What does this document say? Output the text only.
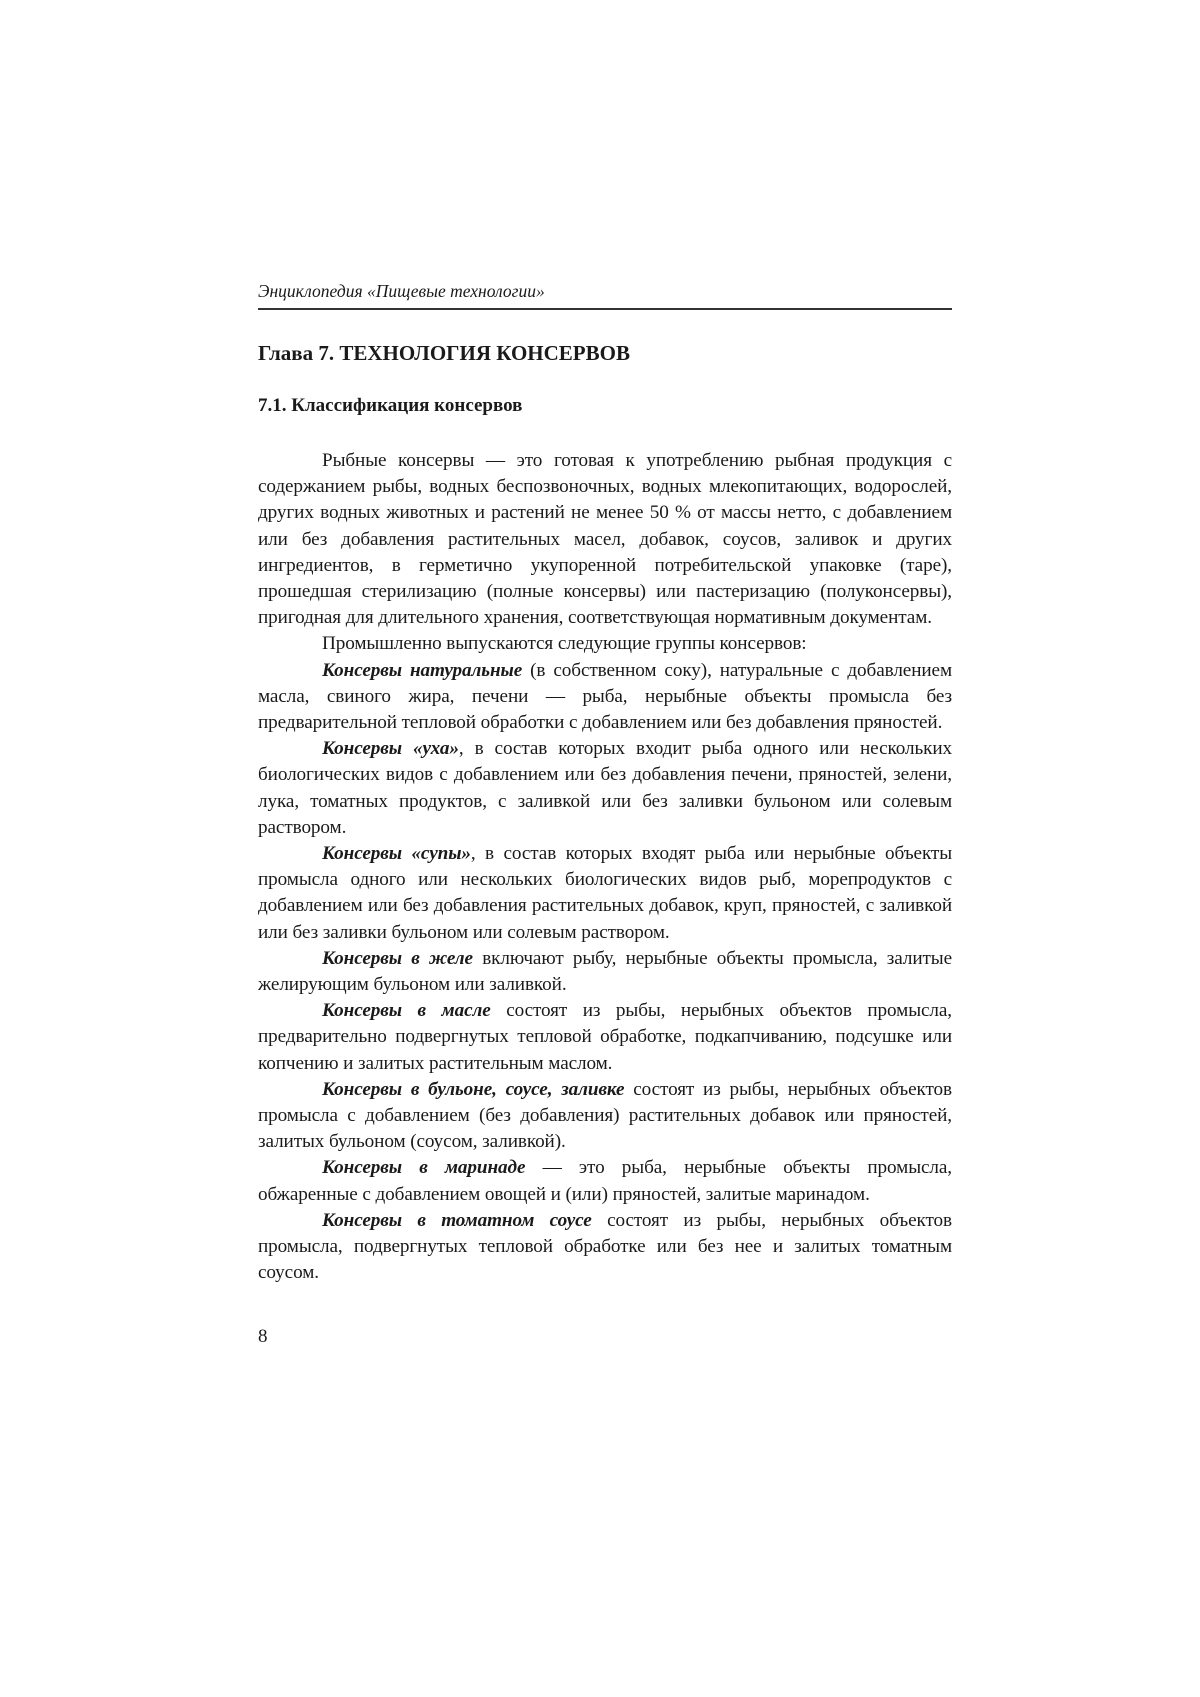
Энциклопедия «Пищевые технологии»

Глава 7. ТЕХНОЛОГИЯ КОНСЕРВОВ
7.1. Классификация консервов

Рыбные консервы — это готовая к употреблению рыбная продукция с содержанием рыбы, водных беспозвоночных, водных млекопитающих, водорослей, других водных животных и растений не менее 50 % от массы нетто, с добавлением или без добавления растительных масел, добавок, соусов, заливок и других ингредиентов, в герметично укупоренной потребительской упаковке (таре), прошедшая стерилизацию (полные консервы) или пастеризацию (полуконсервы), пригодная для длительного хранения, соответствующая нормативным документам.

Промышленно выпускаются следующие группы консервов:

Консервы натуральные (в собственном соку), натуральные с добавлением масла, свиного жира, печени — рыба, нерыбные объекты промысла без предварительной тепловой обработки с добавлением или без добавления пряностей.

Консервы «уха», в состав которых входит рыба одного или нескольких биологических видов с добавлением или без добавления печени, пряностей, зелени, лука, томатных продуктов, с заливкой или без заливки бульоном или солевым раствором.

Консервы «супы», в состав которых входят рыба или нерыбные объекты промысла одного или нескольких биологических видов рыб, морепродуктов с добавлением или без добавления растительных добавок, круп, пряностей, с заливкой или без заливки бульоном или солевым раствором.

Консервы в желе включают рыбу, нерыбные объекты промысла, залитые желирующим бульоном или заливкой.

Консервы в масле состоят из рыбы, нерыбных объектов промысла, предварительно подвергнутых тепловой обработке, подкапчиванию, подсушке или копчению и залитых растительным маслом.

Консервы в бульоне, соусе, заливке состоят из рыбы, нерыбных объектов промысла с добавлением (без добавления) растительных добавок или пряностей, залитых бульоном (соусом, заливкой).

Консервы в маринаде — это рыба, нерыбные объекты промысла, обжаренные с добавлением овощей и (или) пряностей, залитые маринадом.

Консервы в томатном соусе состоят из рыбы, нерыбных объектов промысла, подвергнутых тепловой обработке или без нее и залитых томатным соусом.

8
